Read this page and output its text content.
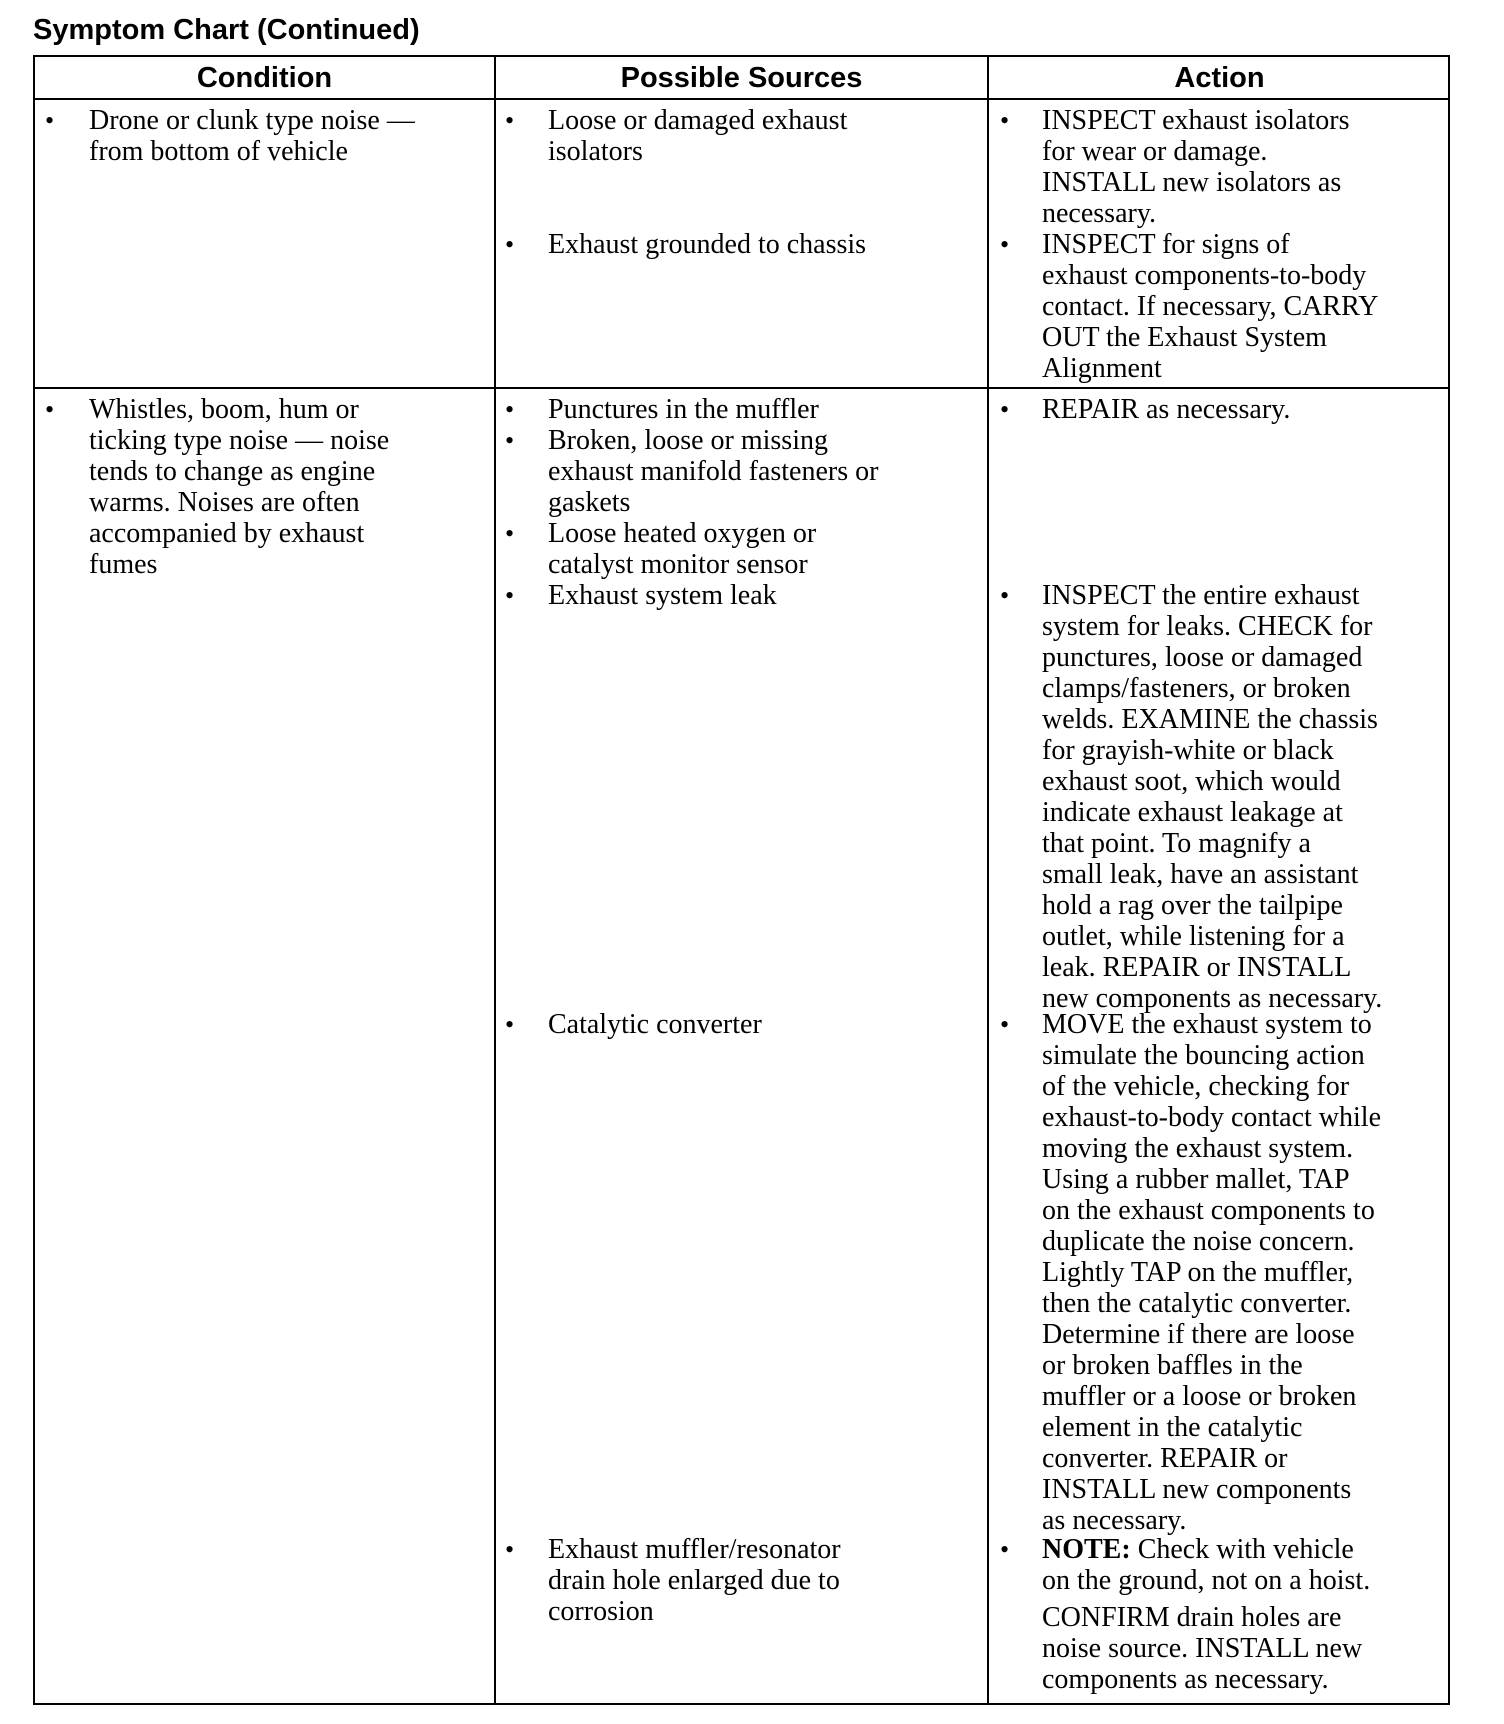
Symptom Chart (Continued)
Condition	Possible Sources	Action
• Drone or clunk type noise —
from bottom of vehicle
• Loose or damaged exhaust
isolators
• Exhaust grounded to chassis
• INSPECT exhaust isolators
for wear or damage.
INSTALL new isolators as
necessary.
• INSPECT for signs of
exhaust components-to-body
contact. If necessary, CARRY
OUT the Exhaust System
Alignment
• Whistles, boom, hum or
ticking type noise — noise
tends to change as engine
warms. Noises are often
accompanied by exhaust
fumes
• Punctures in the muffler
• Broken, loose or missing
exhaust manifold fasteners or
gaskets
• Loose heated oxygen or
catalyst monitor sensor
• Exhaust system leak
• Catalytic converter
• Exhaust muffler/resonator
drain hole enlarged due to
corrosion
• REPAIR as necessary.
• INSPECT the entire exhaust
system for leaks. CHECK for
punctures, loose or damaged
clamps/fasteners, or broken
welds. EXAMINE the chassis
for grayish-white or black
exhaust soot, which would
indicate exhaust leakage at
that point. To magnify a
small leak, have an assistant
hold a rag over the tailpipe
outlet, while listening for a
leak. REPAIR or INSTALL
new components as necessary.
• MOVE the exhaust system to
simulate the bouncing action
of the vehicle, checking for
exhaust-to-body contact while
moving the exhaust system.
Using a rubber mallet, TAP
on the exhaust components to
duplicate the noise concern.
Lightly TAP on the muffler,
then the catalytic converter.
Determine if there are loose
or broken baffles in the
muffler or a loose or broken
element in the catalytic
converter. REPAIR or
INSTALL new components
as necessary.
• NOTE: Check with vehicle
on the ground, not on a hoist.
CONFIRM drain holes are
noise source. INSTALL new
components as necessary.
